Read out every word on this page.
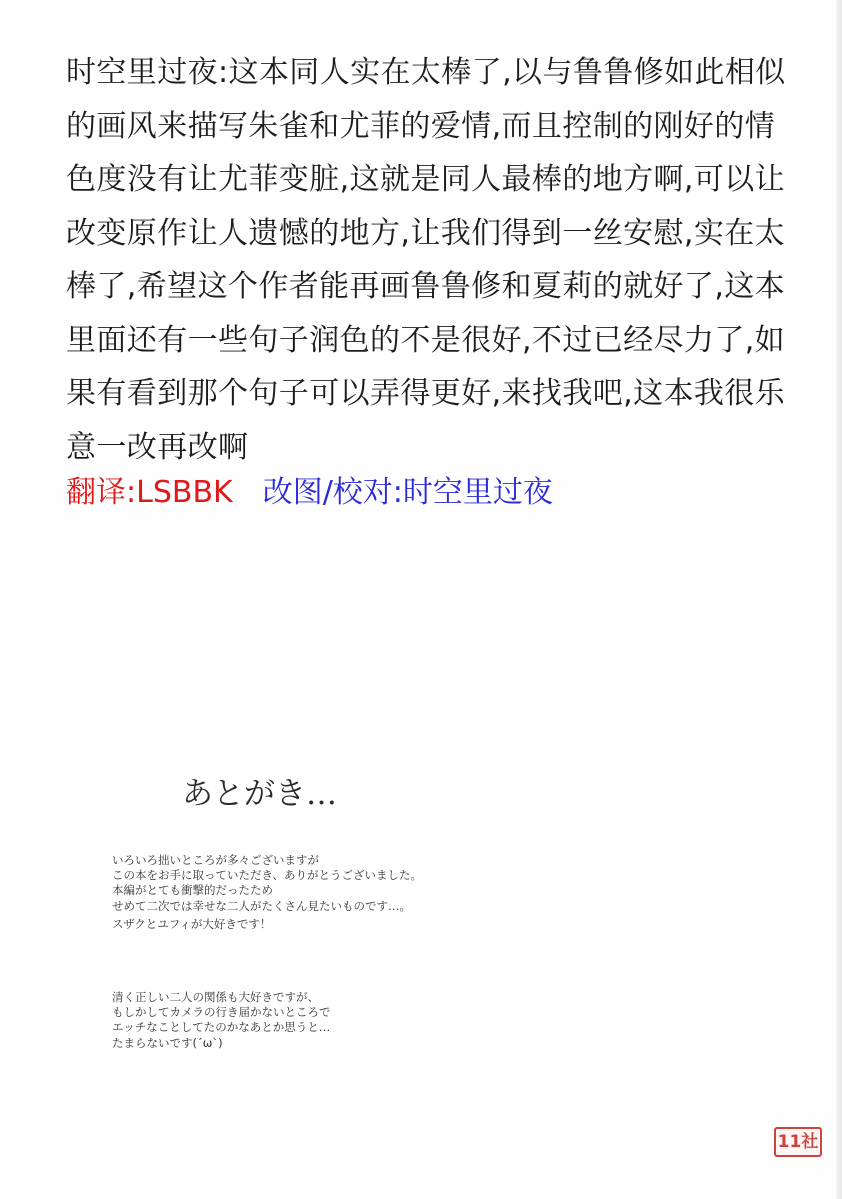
时空里过夜:这本同人实在太棒了,以与鲁鲁修如此相似
的画风来描写朱雀和尤菲的爱情,而且控制的刚好的情
色度没有让尤菲变脏,这就是同人最棒的地方啊,可以让
改变原作让人遗憾的地方,让我们得到一丝安慰,实在太
棒了,希望这个作者能再画鲁鲁修和夏莉的就好了,这本
里面还有一些句子润色的不是很好,不过已经尽力了,如
果有看到那个句子可以弄得更好,来找我吧,这本我很乐
意一改再改啊
翻译:LSBBK 改图/校对:时空里过夜
あとがき…
いろいろ拙いところが多々ございますが
この本をお手に取っていただき、ありがとうございました。
本編がとても衝撃的だったため
せめて二次では幸せな二人がたくさん見たいものです…。
スザクとユフィが大好きです！
清く正しい二人の関係も大好きですが、
もしかしてカメラの行き届かないところで
エッチなことしてたのかなあとか思うと…
たまらないです(´ω`)
11社
